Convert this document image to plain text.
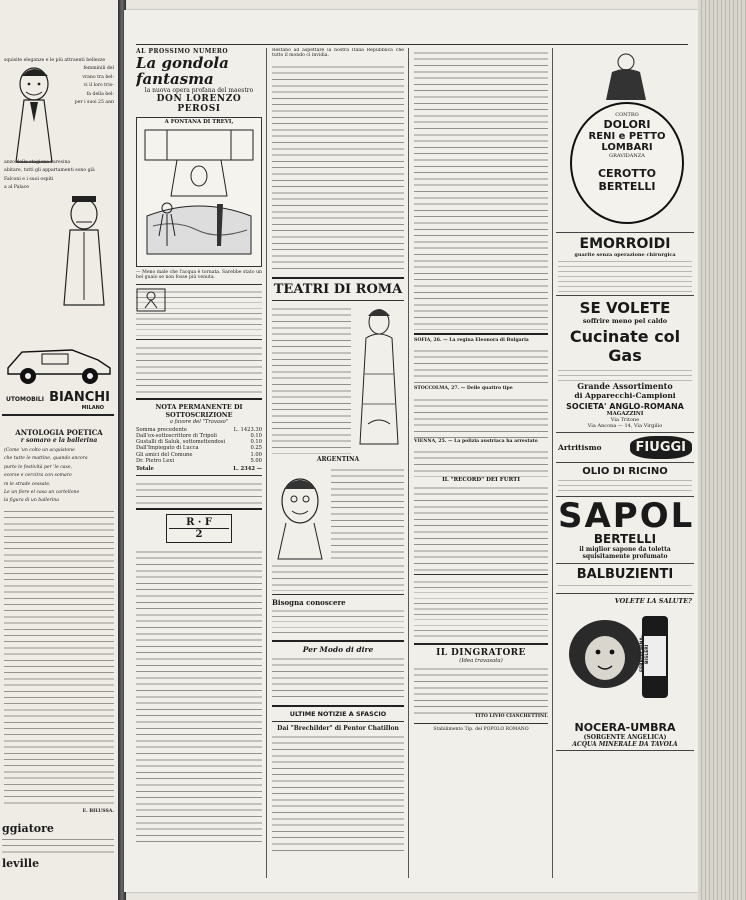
squisite eleganze e le più attraenti bellezze

femminili del

vrano tra bel-

vi il loro trio-

fa della bel-

per i suoi 25 ann

anzo della stagione varesina

abitare, tutti gli appartamenti sono già

Falconi e i suoi ospiti

a al Palace

UTOMOBILI BIANCHI
MILANO
ANTOLOGIA POETICA
r somaro e la ballerina

(Come 'un colto un acquistone

che tutte le mattine, quando ancora

purte le festività per 'le case,

ecorse e cercitra con somaro

m le strade cessate.

Le un fiore el casa un cartellone

la figura di un ballerina

E. BILUSSA.
ggiatore
leville
AL PROSSIMO NUMERO
La gondola fantasma
la nuova opera profana del maestro
DON LORENZO PEROSI
A FONTANA DI TREVI,

— Meno male che l'acqua è tornata. Sarebbe stato un bel guaio se non fosse più venuta.

NOTA PERMANENTE DI SOTTOSCRIZIONE
a favore del "Travaso"
Somma precedente	L. 1423.30
Dall'ex-sottoscrittore di Tripoli	0.10
Gustalli di Saluk, sottomettendosi	0.10
Dall'Impiegato di Lucca	0.25
Gli amici del Comune	1.00
Dr. Pietro Lexi	5.00
Totale	L. 2342 —
R · F
2

Restano ad aspettare la nostra Italia Repubblica che tutto il mondo ci invidia.

TEATRI DI ROMA
ARGENTINA
Bisogna conoscere
Per Modo di dire
ULTIME NOTIZIE A SFASCIO
Dai "Brechilder" di Pentor Chatillon

SOFIA, 26. — La regina Eleonora di Bulgaria

STOCCOLMA, 27. — Delle quattro tipe

VIENNA, 25. — La polizia austriaca ha arrestato

IL "RECORD" DEI FURTI
IL DINGRATORE
(Idea travasata)
TITO LIVIO CIANCHETTINI.
Stabilimento Tip. del POPOLO ROMANO
CONTRO
DOLORI
RENI e PETTO
LOMBARI
GRAVIDANZA
CEROTTO BERTELLI
EMORROIDI
guarite senza operazione chirurgica
SE VOLETE
soffrire meno pel caldo
Cucinate col Gas
Grande Assortimento
di Apparecchi-Campioni
SOCIETA' ANGLO-ROMANA
MAGAZZINI
Via Tritone
Via Ancona — 14, Via Virgilio
Artritismo	FIUGGI
OLIO DI RICINO
SAPOL
BERTELLI
il miglior sapone da toletta squisitamente profumato
BALBUZIENTI
VOLETE LA SALUTE?
FERRO-CHINA-BISLERI
NOCERA-UMBRA
(SORGENTE ANGELICA)
ACQUA MINERALE DA TAVOLA
